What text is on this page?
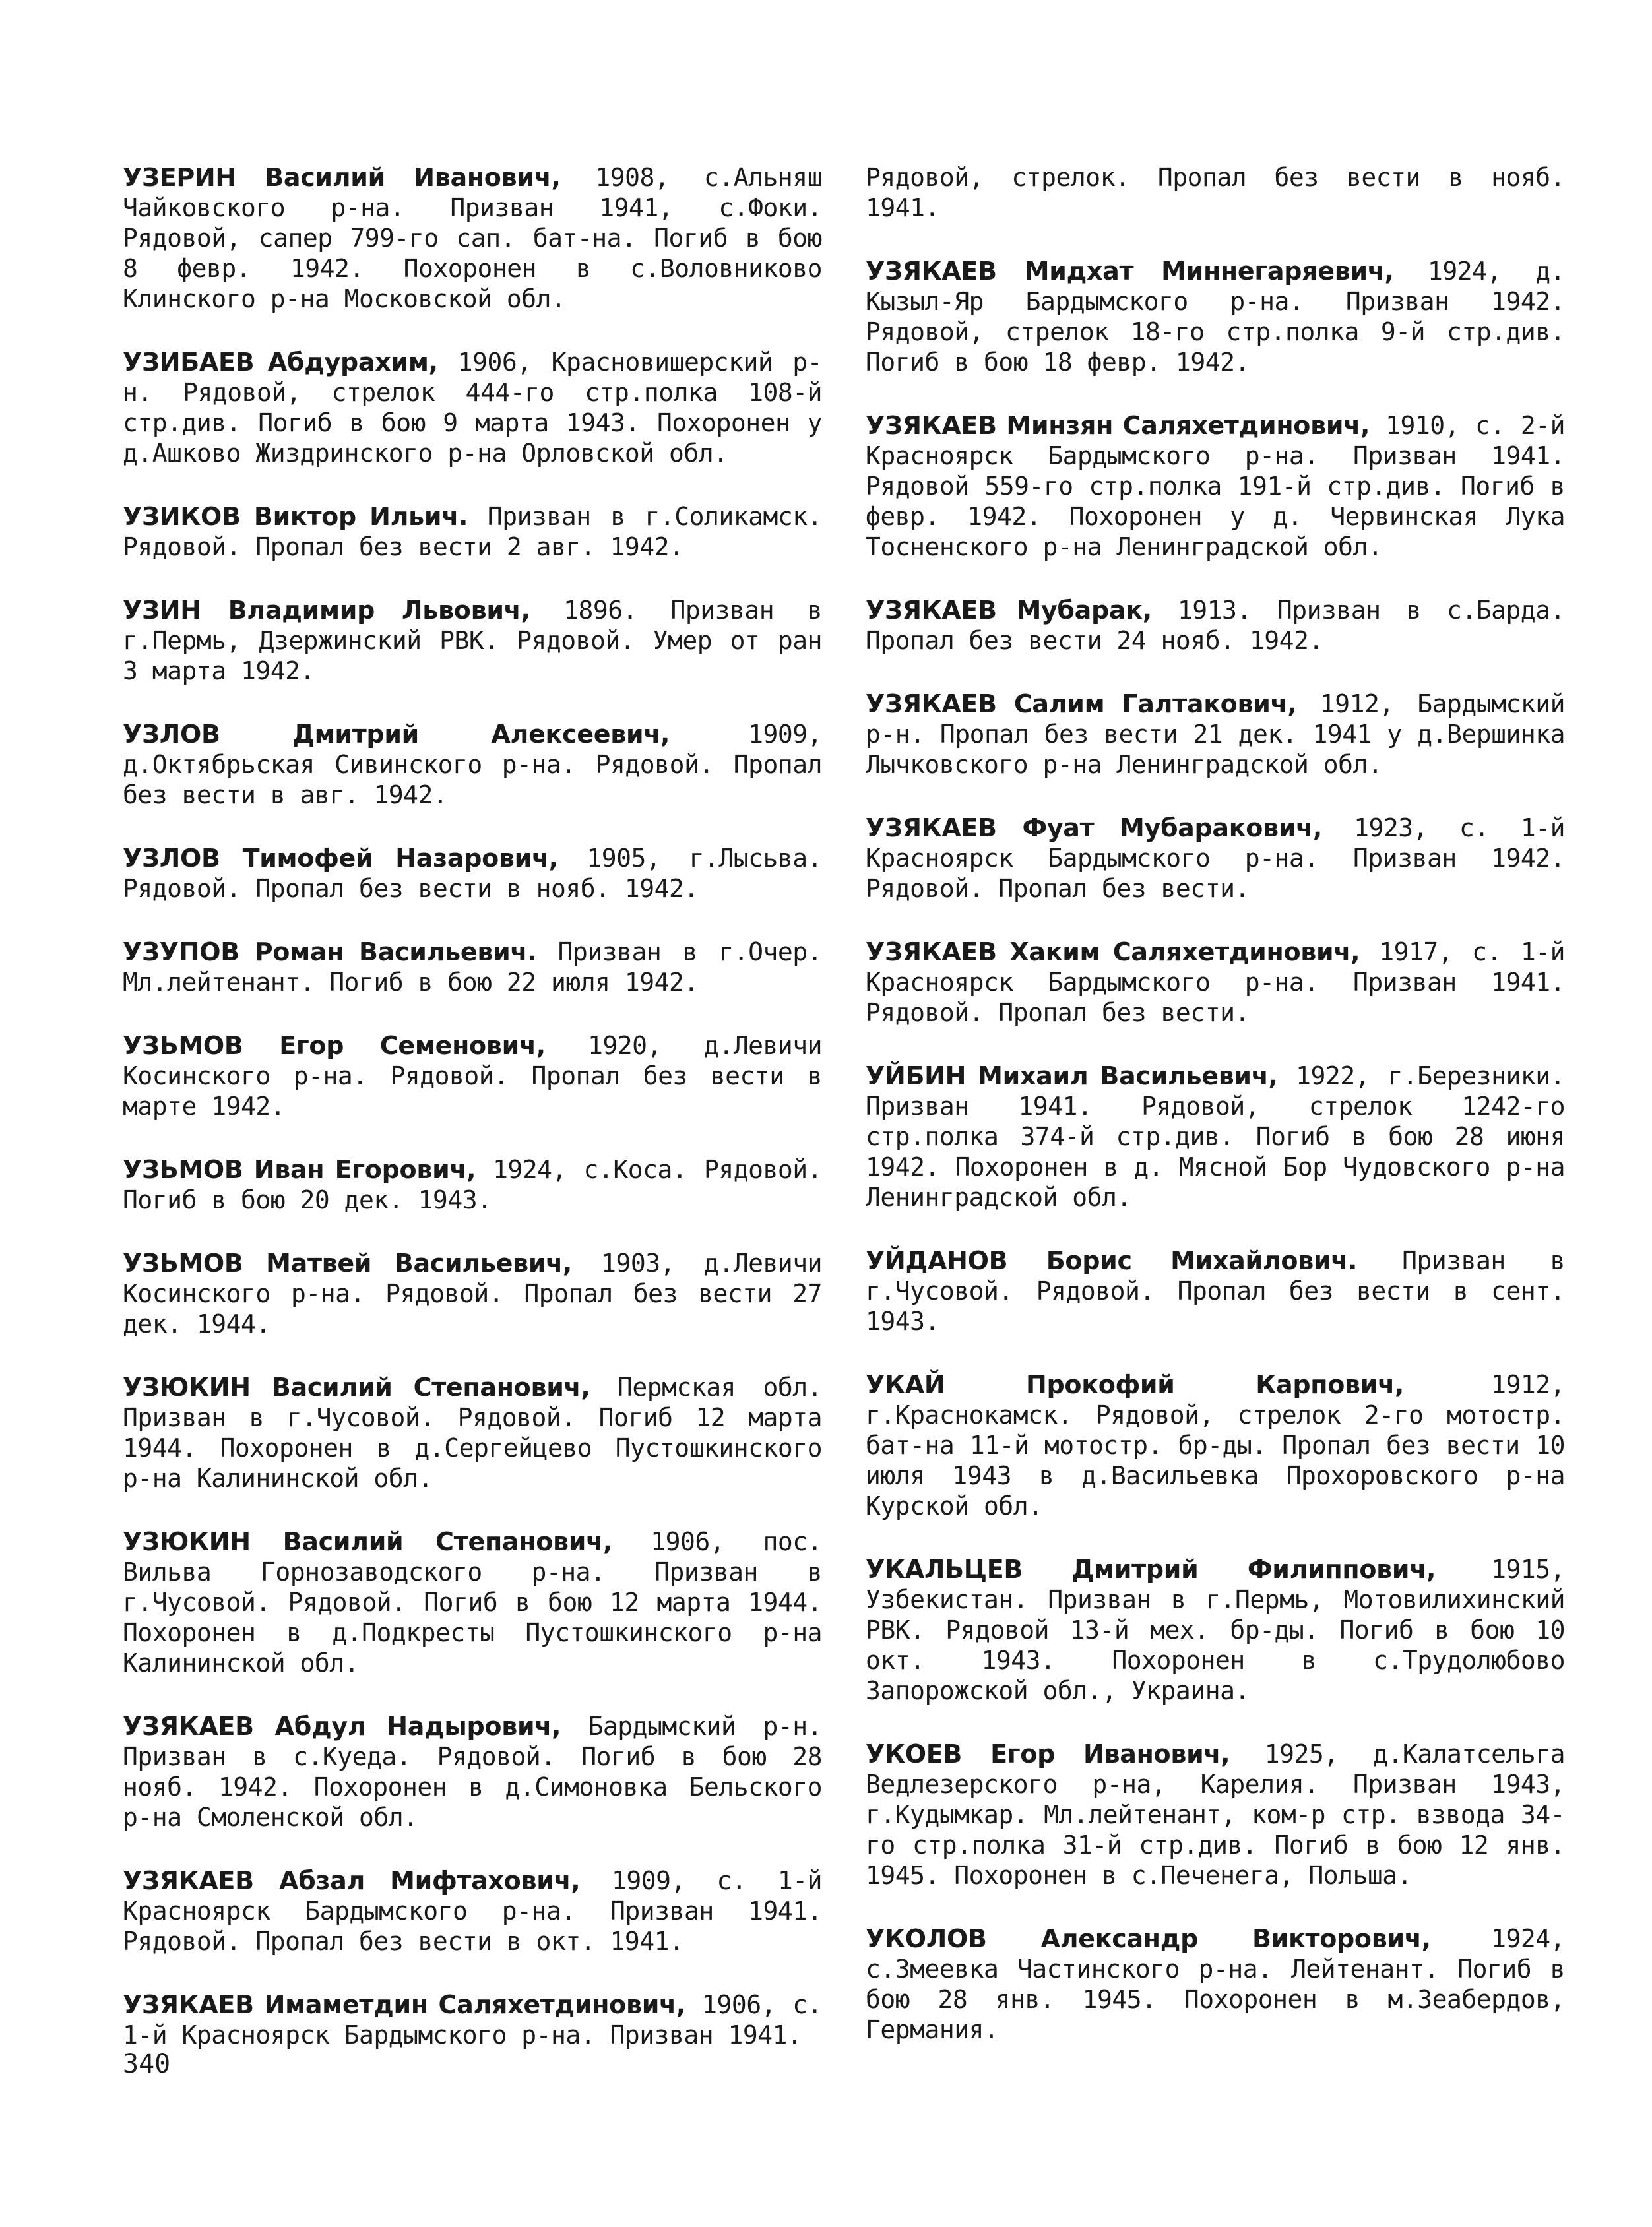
УЗЕРИН Василий Иванович, 1908, с.Альняш Чайковского р-на. Призван 1941, с.Фоки. Рядовой, сапер 799-го сап. бат-на. Погиб в бою 8 февр. 1942. Похоронен в с.Воловниково Клинского р-на Московской обл.

УЗИБАЕВ Абдурахим, 1906, Красновишерский р-н. Рядовой, стрелок 444-го стр.полка 108-й стр.див. Погиб в бою 9 марта 1943. Похоронен у д.Ашково Жиздринского р-на Орловской обл.

УЗИКОВ Виктор Ильич. Призван в г.Соликамск. Рядовой. Пропал без вести 2 авг. 1942.

УЗИН Владимир Львович, 1896. Призван в г.Пермь, Дзержинский РВК. Рядовой. Умер от ран 3 марта 1942.

УЗЛОВ Дмитрий Алексеевич, 1909, д.Октябрьская Сивинского р-на. Рядовой. Пропал без вести в авг. 1942.

УЗЛОВ Тимофей Назарович, 1905, г.Лысьва. Рядовой. Пропал без вести в нояб. 1942.

УЗУПОВ Роман Васильевич. Призван в г.Очер. Мл.лейтенант. Погиб в бою 22 июля 1942.

УЗЬМОВ Егор Семенович, 1920, д.Левичи Косинского р-на. Рядовой. Пропал без вести в марте 1942.

УЗЬМОВ Иван Егорович, 1924, с.Коса. Рядовой. Погиб в бою 20 дек. 1943.

УЗЬМОВ Матвей Васильевич, 1903, д.Левичи Косинского р-на. Рядовой. Пропал без вести 27 дек. 1944.

УЗЮКИН Василий Степанович, Пермская обл. Призван в г.Чусовой. Рядовой. Погиб 12 марта 1944. Похоронен в д.Сергейцево Пустошкинского р-на Калининской обл.

УЗЮКИН Василий Степанович, 1906, пос. Вильва Горнозаводского р-на. Призван в г.Чусовой. Рядовой. Погиб в бою 12 марта 1944. Похоронен в д.Подкресты Пустошкинского р-на Калининской обл.

УЗЯКАЕВ Абдул Надырович, Бардымский р-н. Призван в с.Куеда. Рядовой. Погиб в бою 28 нояб. 1942. Похоронен в д.Симоновка Бельского р-на Смоленской обл.

УЗЯКАЕВ Абзал Мифтахович, 1909, с. 1-й Красноярск Бардымского р-на. Призван 1941. Рядовой. Пропал без вести в окт. 1941.

УЗЯКАЕВ Имаметдин Саляхетдинович, 1906, с. 1-й Красноярск Бардымского р-на. Призван 1941.

Рядовой, стрелок. Пропал без вести в нояб. 1941.

УЗЯКАЕВ Мидхат Миннегаряевич, 1924, д. Кызыл-Яр Бардымского р-на. Призван 1942. Рядовой, стрелок 18-го стр.полка 9-й стр.див. Погиб в бою 18 февр. 1942.

УЗЯКАЕВ Минзян Саляхетдинович, 1910, с. 2-й Красноярск Бардымского р-на. Призван 1941. Рядовой 559-го стр.полка 191-й стр.див. Погиб в февр. 1942. Похоронен у д. Червинская Лука Тосненского р-на Ленинградской обл.

УЗЯКАЕВ Мубарак, 1913. Призван в с.Барда. Пропал без вести 24 нояб. 1942.

УЗЯКАЕВ Салим Галтакович, 1912, Бардымский р-н. Пропал без вести 21 дек. 1941 у д.Вершинка Лычковского р-на Ленинградской обл.

УЗЯКАЕВ Фуат Мубаракович, 1923, с. 1-й Красноярск Бардымского р-на. Призван 1942. Рядовой. Пропал без вести.

УЗЯКАЕВ Хаким Саляхетдинович, 1917, с. 1-й Красноярск Бардымского р-на. Призван 1941. Рядовой. Пропал без вести.

УЙБИН Михаил Васильевич, 1922, г.Березники. Призван 1941. Рядовой, стрелок 1242-го стр.полка 374-й стр.див. Погиб в бою 28 июня 1942. Похоронен в д. Мясной Бор Чудовского р-на Ленинградской обл.

УЙДАНОВ Борис Михайлович. Призван в г.Чусовой. Рядовой. Пропал без вести в сент. 1943.

УКАЙ Прокофий Карпович, 1912, г.Краснокамск. Рядовой, стрелок 2-го мотостр. бат-на 11-й мотостр. бр-ды. Пропал без вести 10 июля 1943 в д.Васильевка Прохоровского р-на Курской обл.

УКАЛЬЦЕВ Дмитрий Филиппович, 1915, Узбекистан. Призван в г.Пермь, Мотовилихинский РВК. Рядовой 13-й мех. бр-ды. Погиб в бою 10 окт. 1943. Похоронен в с.Трудолюбово Запорожской обл., Украина.

УКОЕВ Егор Иванович, 1925, д.Калатсельга Ведлезерского р-на, Карелия. Призван 1943, г.Кудымкар. Мл.лейтенант, ком-р стр. взвода 34-го стр.полка 31-й стр.див. Погиб в бою 12 янв. 1945. Похоронен в с.Печенега, Польша.

УКОЛОВ Александр Викторович, 1924, с.Змеевка Частинского р-на. Лейтенант. Погиб в бою 28 янв. 1945. Похоронен в м.Зеабердов, Германия.

340
